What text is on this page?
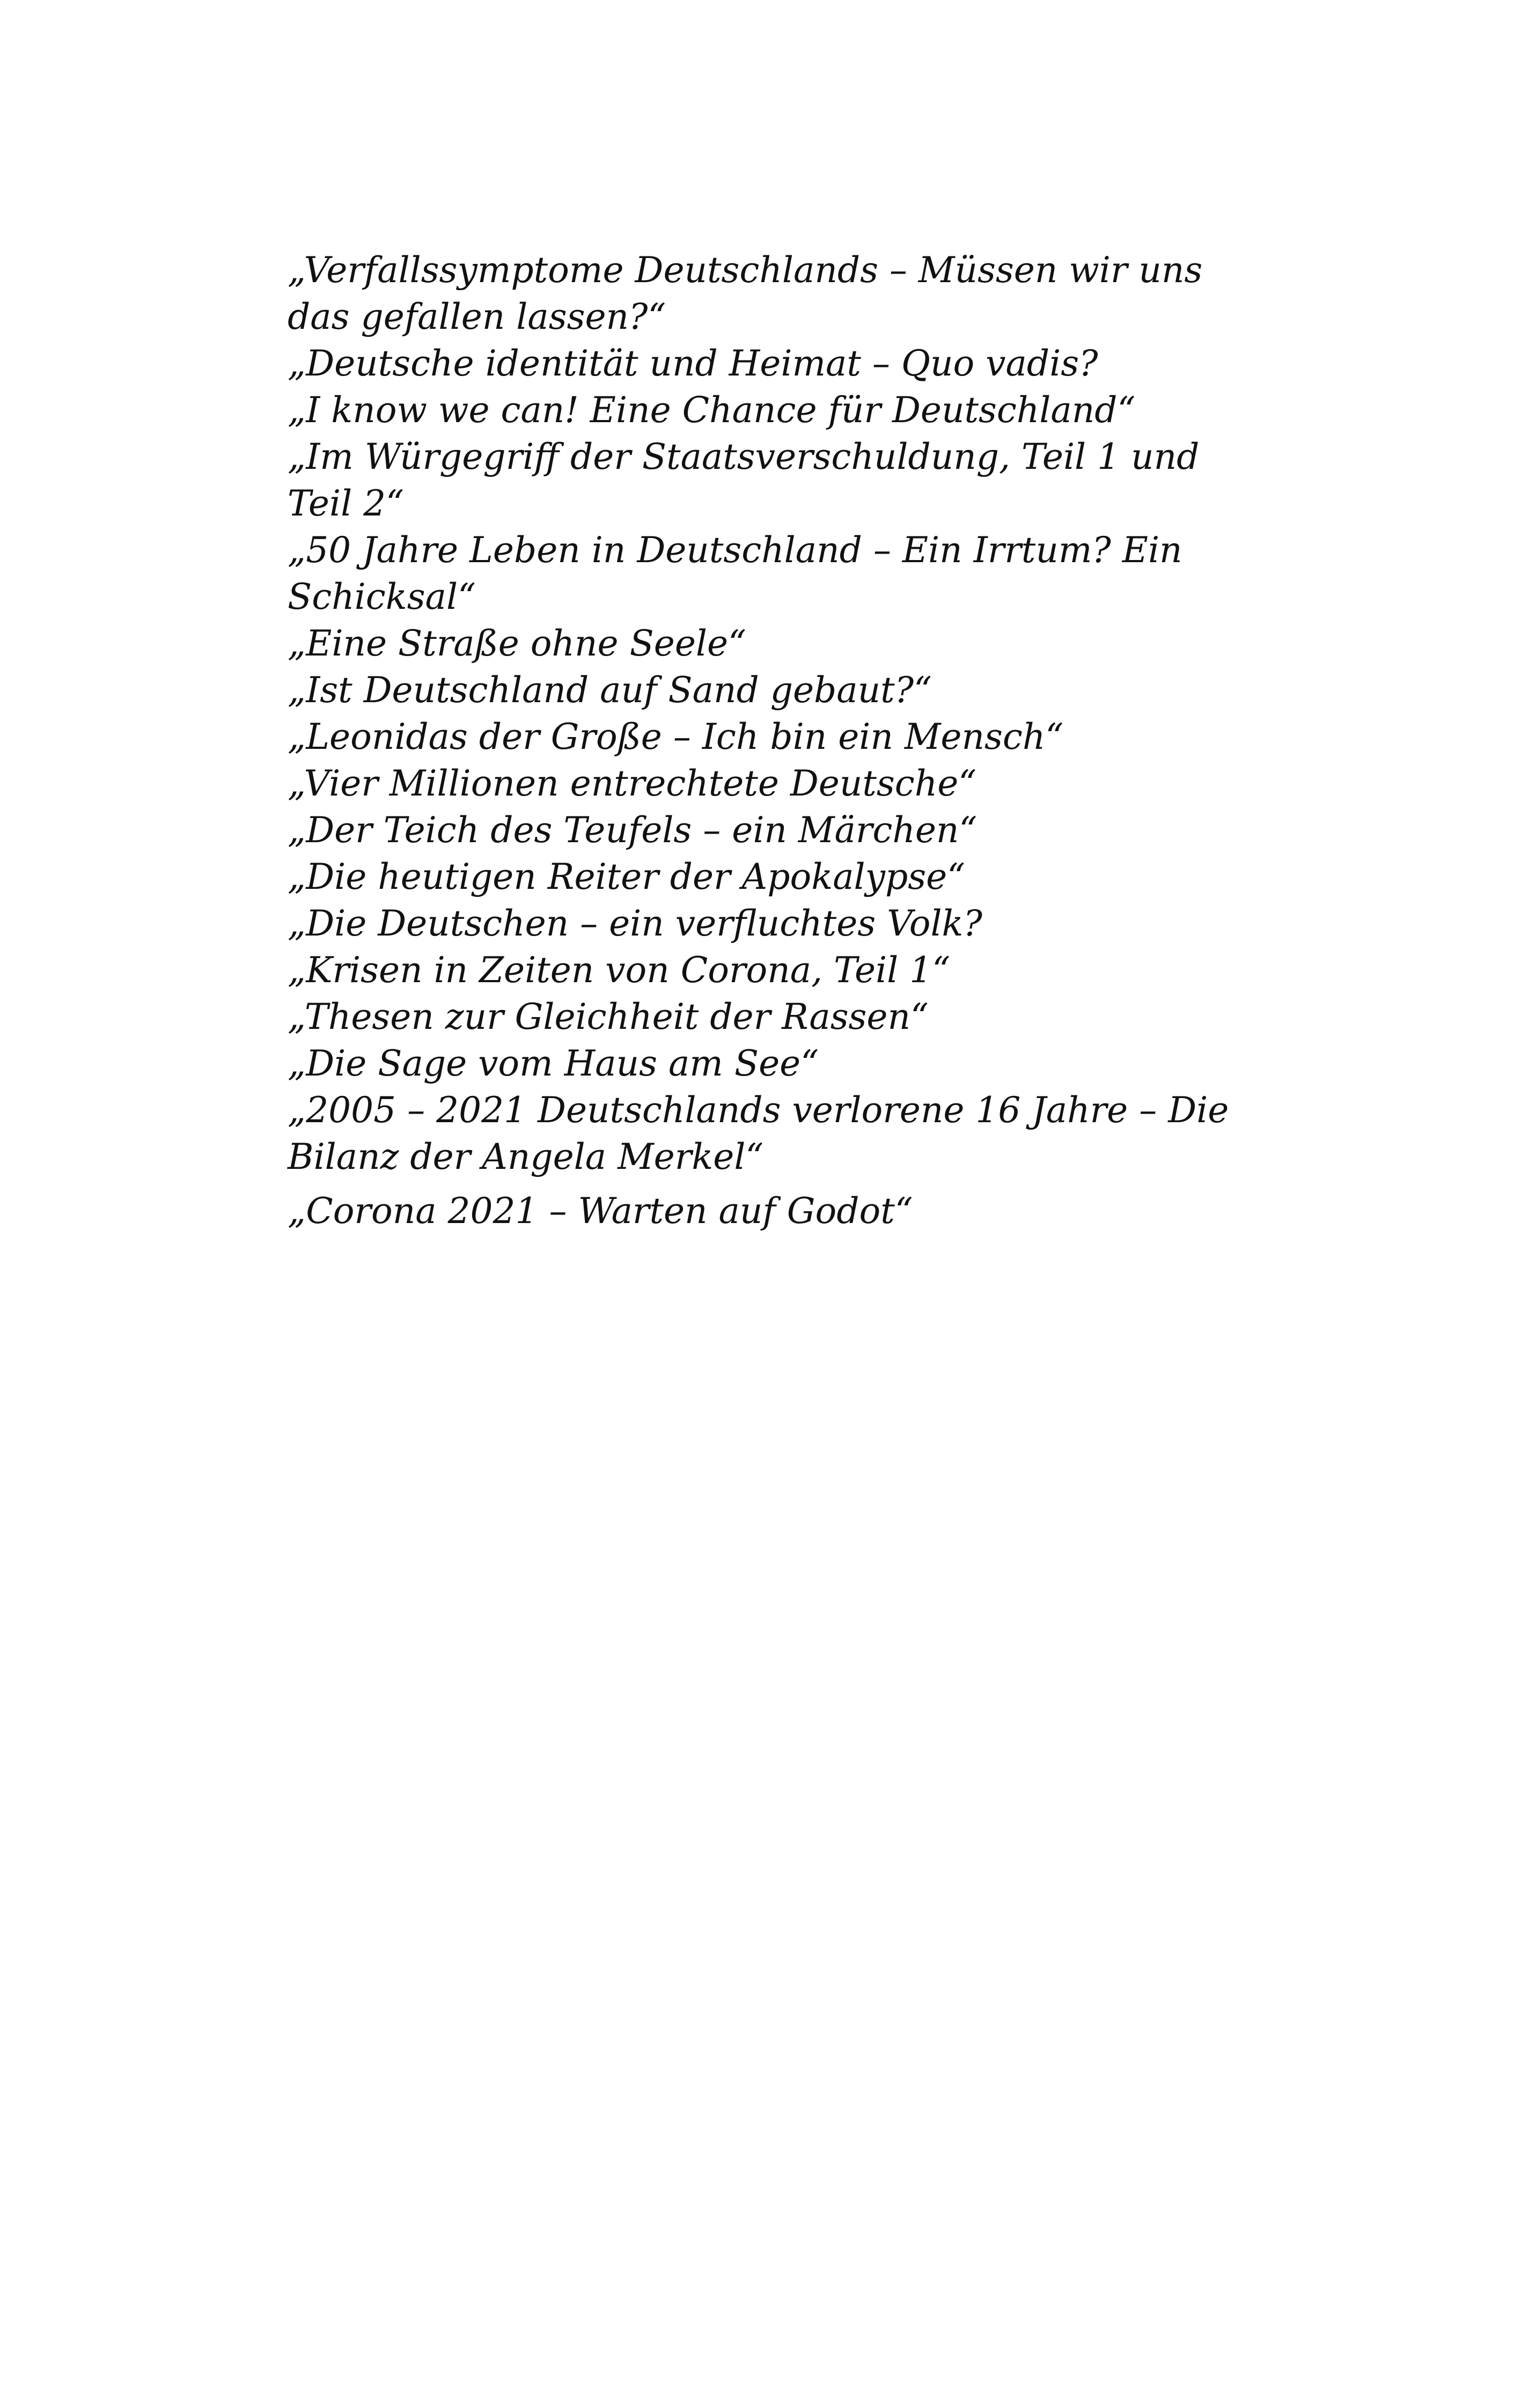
„Verfallssymptome Deutschlands – Müssen wir uns das gefallen lassen?“
„Deutsche identität und Heimat – Quo vadis?
„I know we can! Eine Chance für Deutschland“
„Im Würgegriff der Staatsverschuldung, Teil 1 und Teil 2“
„50 Jahre Leben in Deutschland – Ein Irrtum? Ein Schicksal“
„Eine Straße ohne Seele“
„Ist Deutschland auf Sand gebaut?“
„Leonidas der Große – Ich bin ein Mensch“
„Vier Millionen entrechtete Deutsche“
„Der Teich des Teufels – ein Märchen“
„Die heutigen Reiter der Apokalypse“
„Die Deutschen – ein verfluchtes Volk?
„Krisen in Zeiten von Corona, Teil 1“
„Thesen zur Gleichheit der Rassen“
„Die Sage vom Haus am See“
„2005 – 2021 Deutschlands verlorene 16 Jahre – Die Bilanz der Angela Merkel“
„Corona 2021 – Warten auf Godot“
